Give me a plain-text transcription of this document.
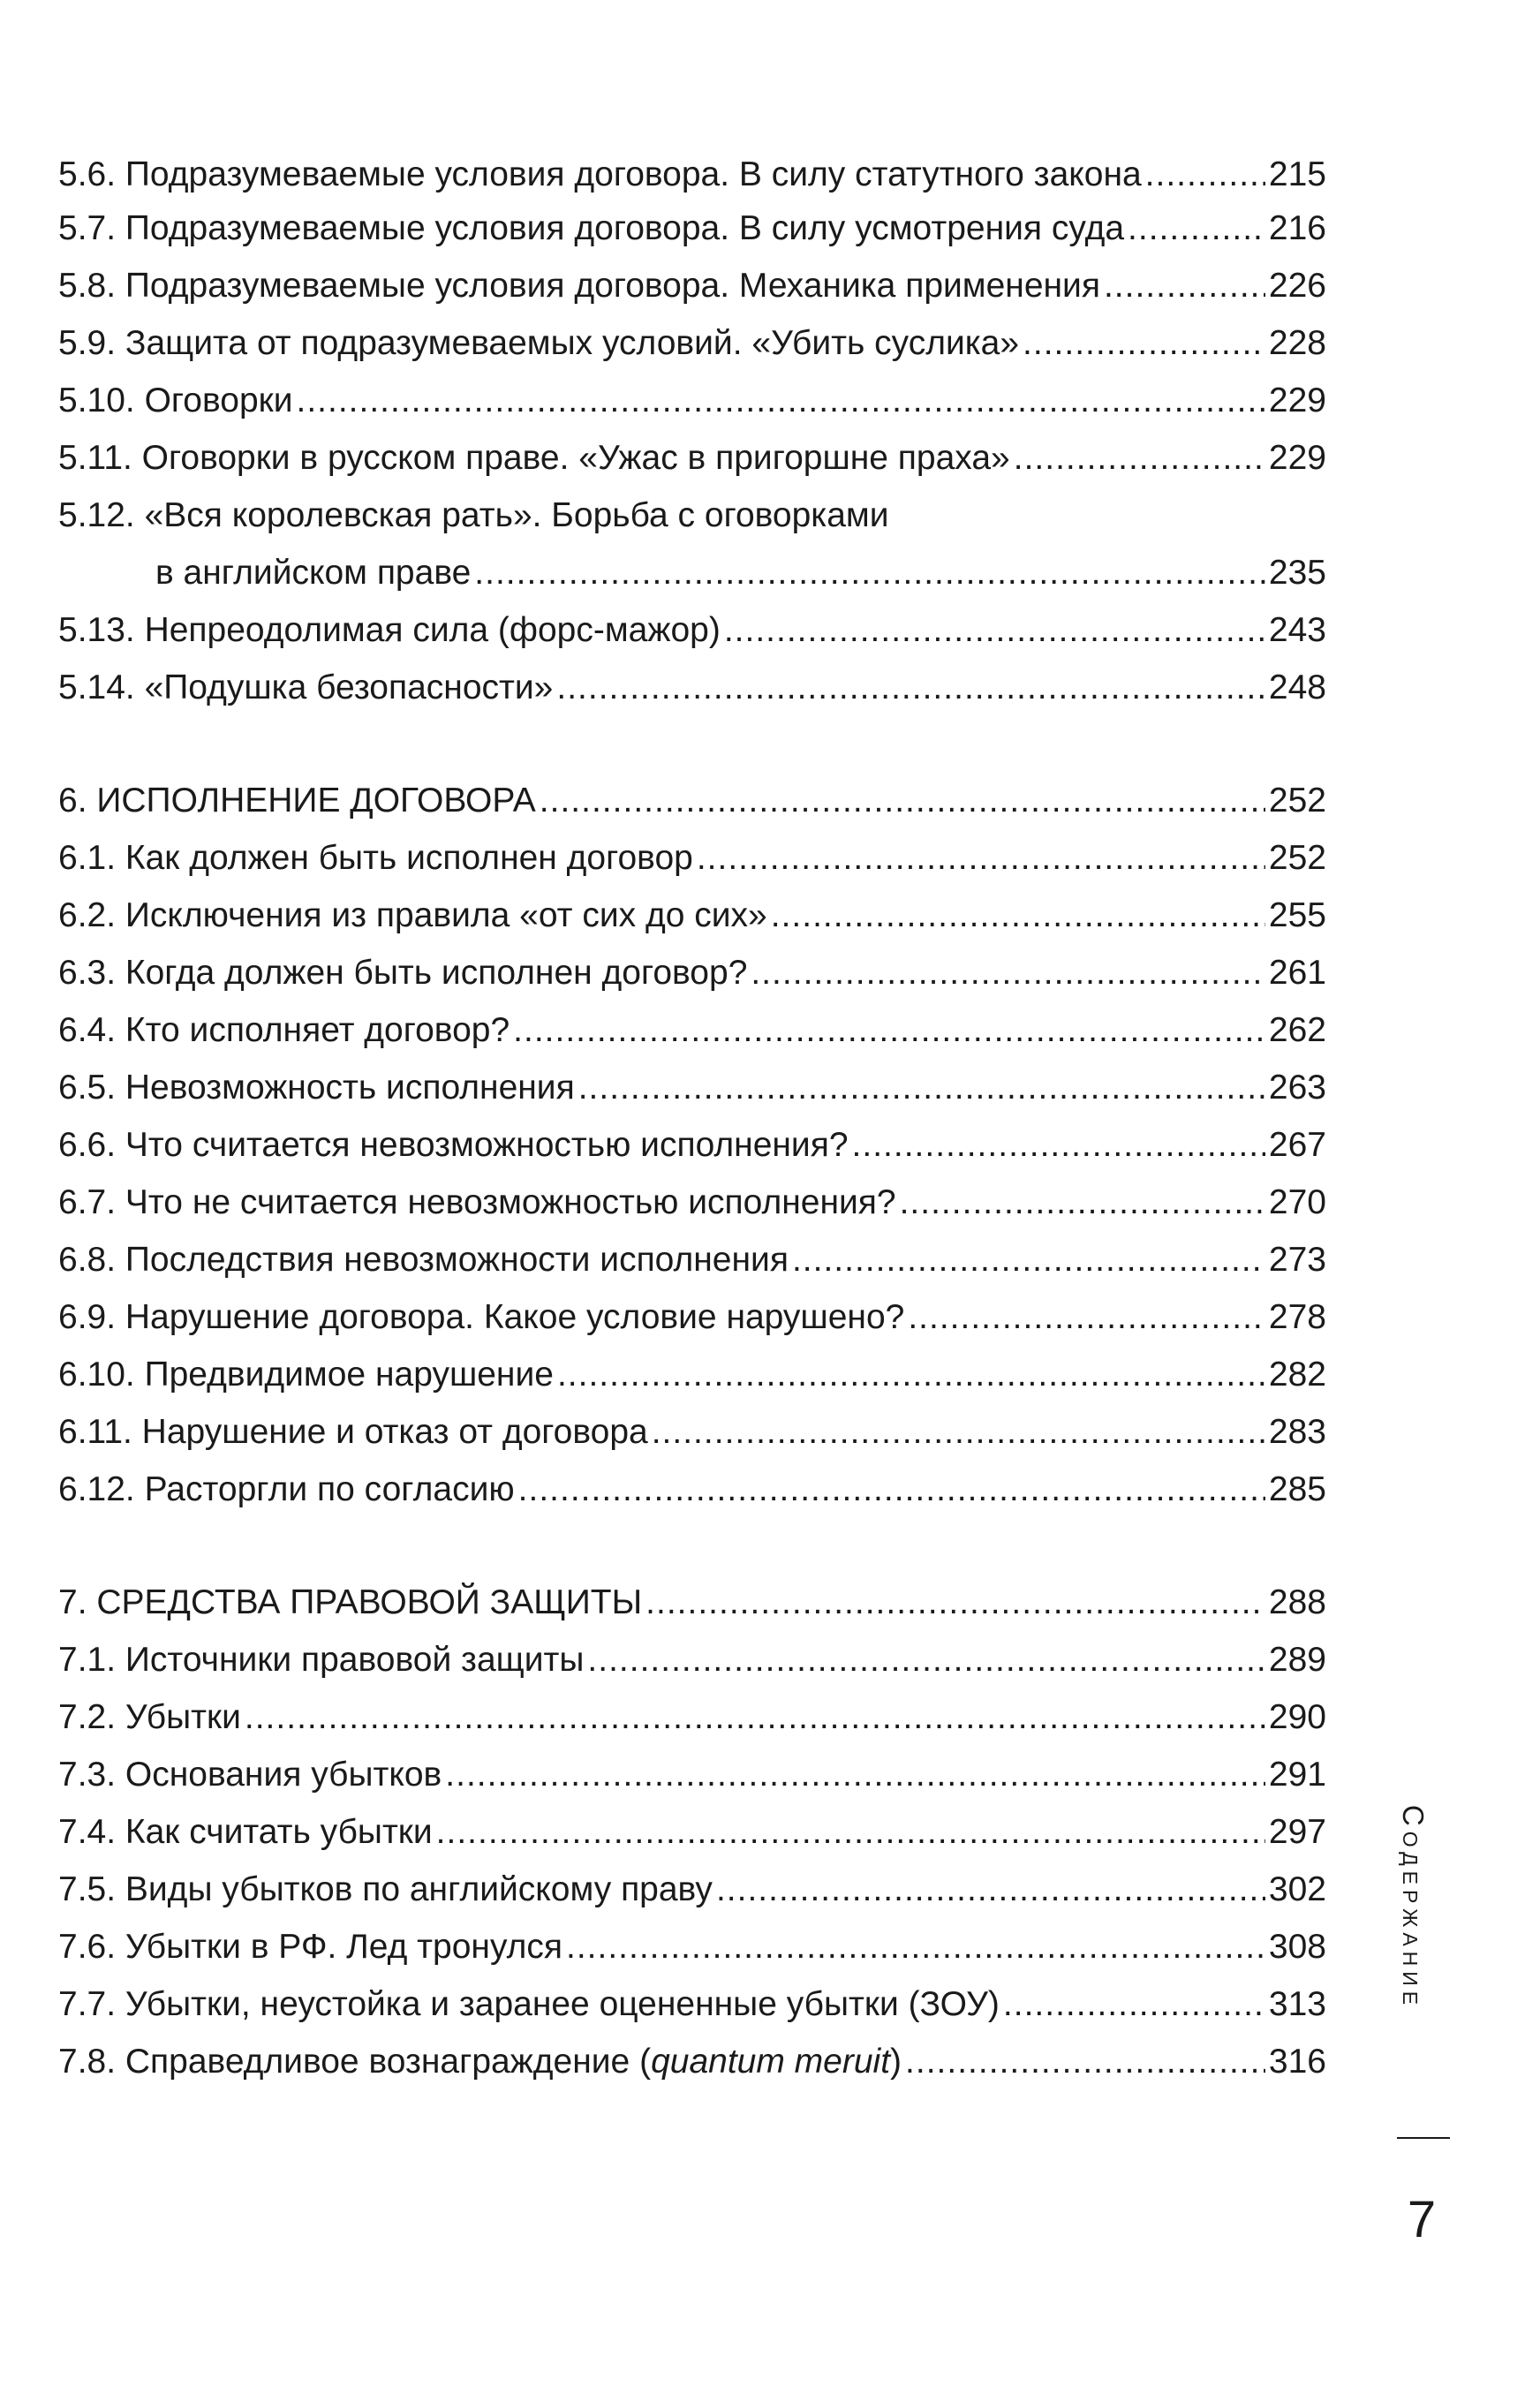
5.6. Подразумеваемые условия договора. В силу статутного закона .....	215
5.7. Подразумеваемые условия договора. В силу усмотрения суда .....	216
5.8. Подразумеваемые условия договора. Механика применения .....	226
5.9. Защита от подразумеваемых условий. «Убить суслика» .....	228
5.10. Оговорки .....	229
5.11. Оговорки в русском праве. «Ужас в пригоршне праха» .....	229
5.12. «Вся королевская рать». Борьба с оговорками
в английском праве .....	235
5.13. Непреодолимая сила (форс-мажор) .....	243
5.14. «Подушка безопасности» .....	248
6. ИСПОЛНЕНИЕ ДОГОВОРА .....	252
6.1. Как должен быть исполнен договор .....	252
6.2. Исключения из правила «от сих до сих» .....	255
6.3. Когда должен быть исполнен договор? .....	261
6.4. Кто исполняет договор? .....	262
6.5. Невозможность исполнения .....	263
6.6. Что считается невозможностью исполнения? .....	267
6.7. Что не считается невозможностью исполнения? .....	270
6.8. Последствия невозможности исполнения .....	273
6.9. Нарушение договора. Какое условие нарушено? .....	278
6.10. Предвидимое нарушение .....	282
6.11. Нарушение и отказ от договора .....	283
6.12. Расторгли по согласию .....	285
7. СРЕДСТВА ПРАВОВОЙ ЗАЩИТЫ .....	288
7.1. Источники правовой защиты .....	289
7.2. Убытки .....	290
7.3. Основания убытков .....	291
7.4. Как считать убытки .....	297
7.5. Виды убытков по английскому праву .....	302
7.6. Убытки в РФ. Лед тронулся .....	308
7.7. Убытки, неустойка и заранее оцененные убытки (ЗОУ) .....	313
7.8. Справедливое вознаграждение (quantum meruit) .....	316
Содержание
7
